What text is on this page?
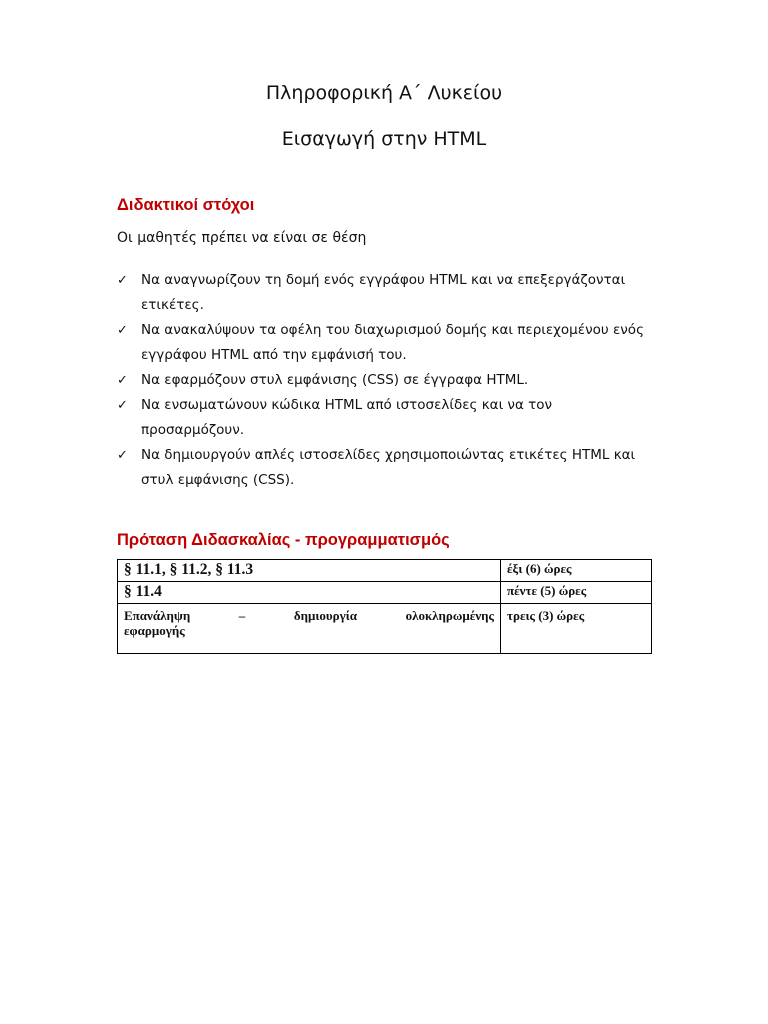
Πληροφορική Α΄ Λυκείου
Εισαγωγή στην HTML
Διδακτικοί στόχοι
Οι μαθητές πρέπει να είναι σε θέση
✓ Να αναγνωρίζουν τη δομή ενός εγγράφου HTML και να επεξεργάζονται
ετικέτες.
✓ Να ανακαλύψουν τα οφέλη του διαχωρισμού δομής και περιεχομένου ενός
εγγράφου HTML από την εμφάνισή του.
✓ Να εφαρμόζουν στυλ εμφάνισης (CSS) σε έγγραφα HTML.
✓ Να ενσωματώνουν κώδικα HTML από ιστοσελίδες και να τον
προσαρμόζουν.
✓ Να δημιουργούν απλές ιστοσελίδες χρησιμοποιώντας ετικέτες HTML και
στυλ εμφάνισης (CSS).
Πρόταση Διδασκαλίας - προγραμματισμός
§ 11.1, § 11.2, § 11.3	έξι (6) ώρες
§ 11.4	πέντε (5) ώρες

Επανάληψη – δημιουργία ολοκληρωμένης
εφαρμογής	τρεις (3) ώρες
